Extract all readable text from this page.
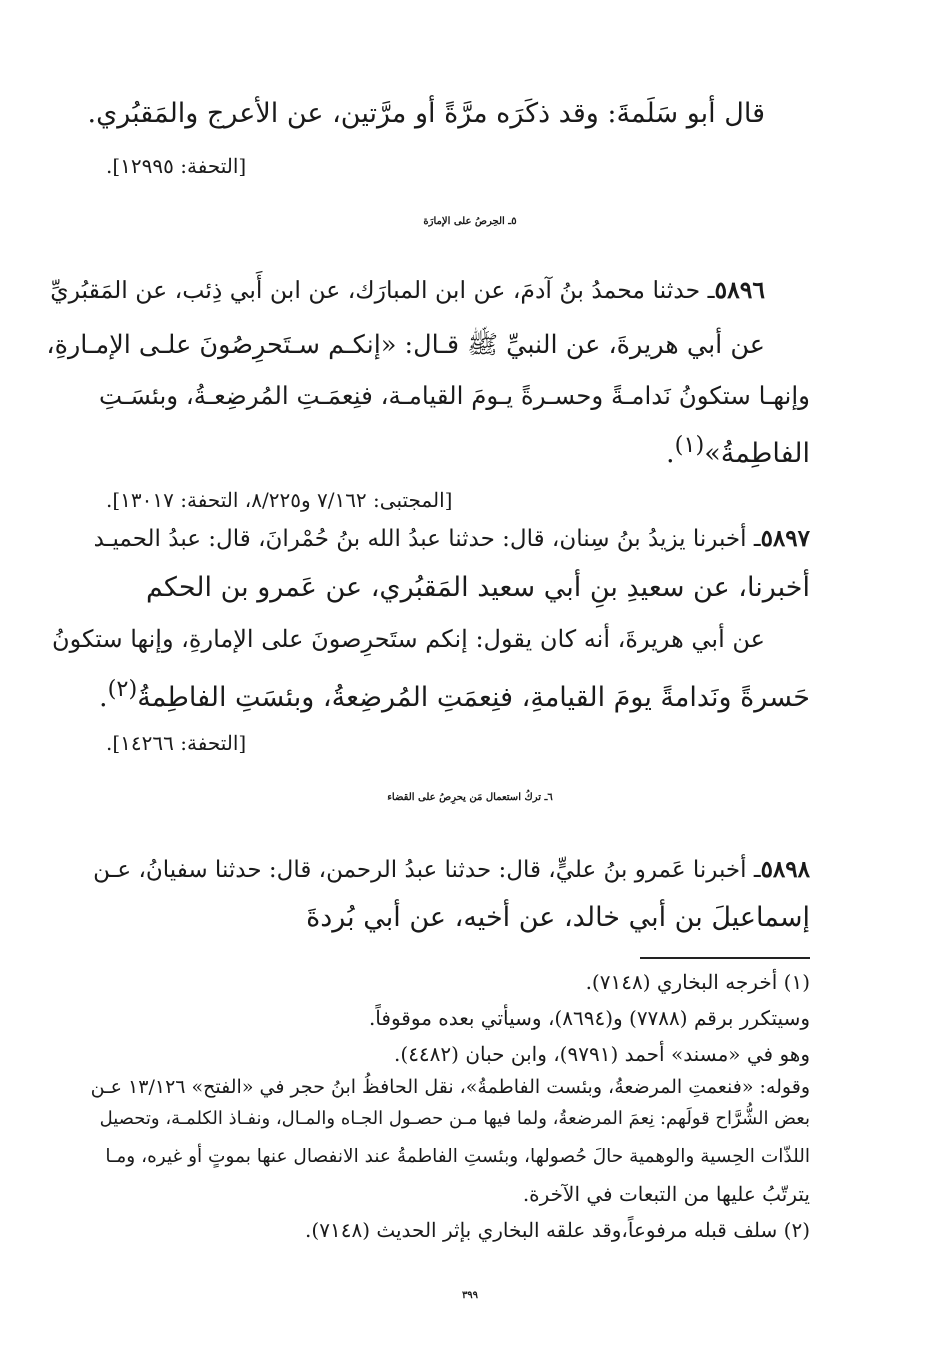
قال أبو سَلَمةَ: وقد ذكَرَه مرَّةً أو مرَّتين، عن الأعرج والمَقبُري.
[التحفة: ١٢٩٩٥].
٥ـ الحِرصُ على الإمارَة
٥٨٩٦ـ حدثنا محمدُ بنُ آدمَ، عن ابن المبارَك، عن ابن أَبي ذِئب، عن المَقبُريِّ
عن أبي هريرةَ، عن النبيِّ ﷺ قـال: «إنكـم سـتَحرِصُونَ علـى الإمـارةِ،
وإنهـا ستكونُ نَدامـةً وحسـرةً يـومَ القيامـة، فنِعمَـتِ المُرضِعـةُ، وبئسَـتِ
الفاطِمةُ»$^{(١)}$.
[المجتبى: ٧/١٦٢ و٨/٢٢٥، التحفة: ١٣٠١٧].
٥٨٩٧ـ أخبرنا يزيدُ بنُ سِنان، قال: حدثنا عبدُ الله بنُ حُمْرانَ، قال: عبدُ الحميـد
أخبرنا، عن سعيدِ بنِ أبي سعيد المَقبُري، عن عَمرو بن الحكم
عن أبي هريرةَ، أنه كان يقول: إنكم ستَحرِصونَ على الإمارةِ، وإنها ستكونُ
حَسرةً ونَدامةً يومَ القيامةِ، فنِعمَتِ المُرضِعةُ، وبئسَتِ الفاطِمةُ$^{(٢)}$.
[التحفة: ١٤٢٦٦].
٦ـ تركُ استعمال مَن يحرِصُ على القضاء
٥٨٩٨ـ أخبرنا عَمرو بنُ عليٍّ، قال: حدثنا عبدُ الرحمن، قال: حدثنا سفيانُ، عـن
إسماعيلَ بن أبي خالد، عن أخيه، عن أبي بُردةَ
(١) أخرجه البخاري (٧١٤٨).
وسيتكرر برقم (٧٧٨٨) و(٨٦٩٤)، وسيأتي بعده موقوفاً.
وهو في «مسند» أحمد (٩٧٩١)، وابن حبان (٤٤٨٢).
وقوله: «فنعمتِ المرضعةُ، وبئست الفاطمةُ»، نقل الحافظُ ابنُ حجر في «الفتح» ١٣/١٢٦ عـن
بعض الشُّرَّاح قولَهم: نِعمَ المرضعةُ، ولما فيها مـن حصـول الجـاه والمـال، ونفـاذ الكلمـة، وتحصيل
اللذّات الحِسية والوهمية حالَ حُصولها، وبئستِ الفاطمةُ عند الانفصال عنها بموتٍ أو غيره، ومـا
يترتّبُ عليها من التبعات في الآخرة.
(٢) سلف قبله مرفوعاً،وقد علقه البخاري بإثر الحديث (٧١٤٨).
٣٩٩
